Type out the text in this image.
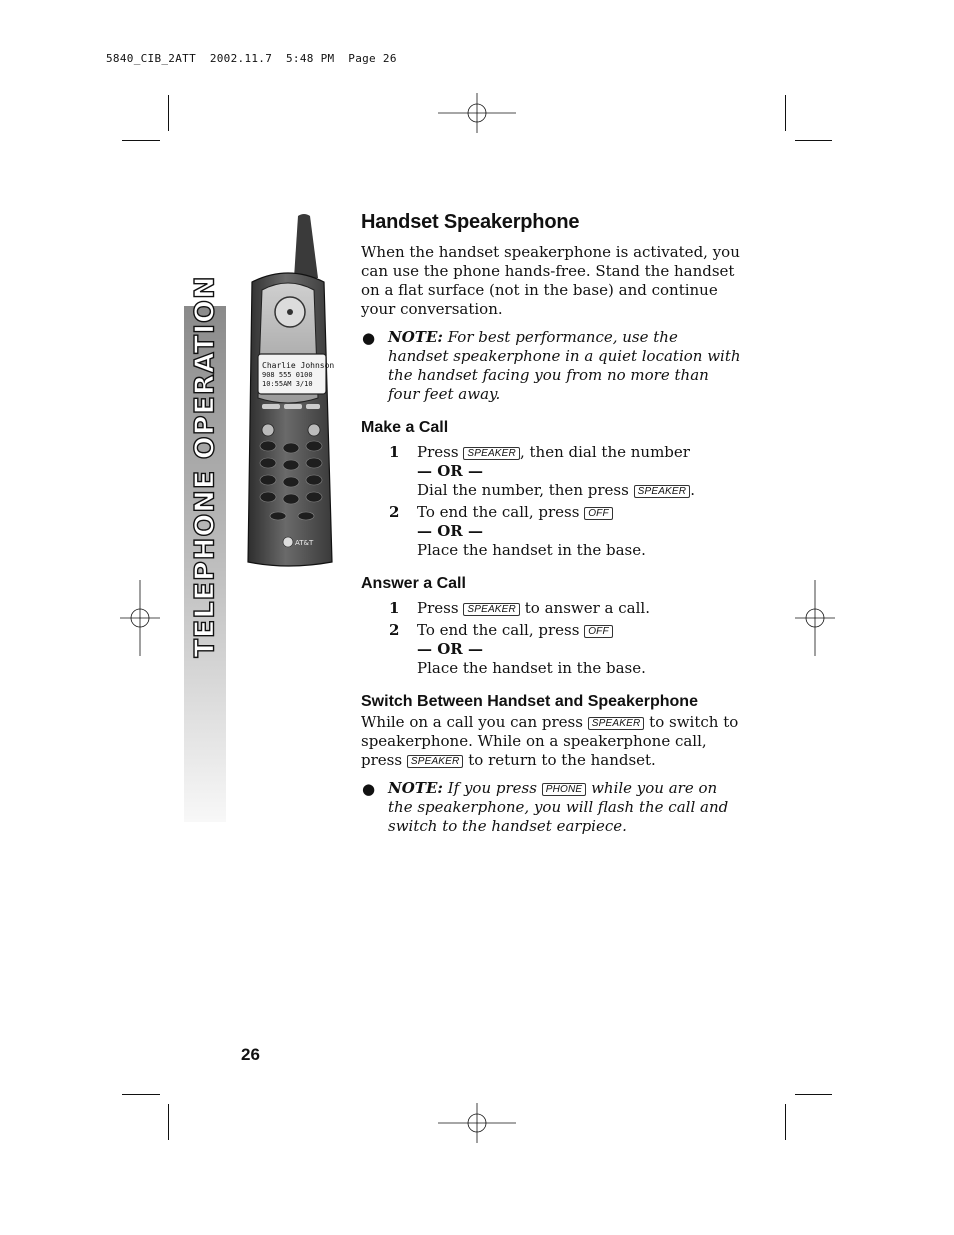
5840_CIB_2ATT  2002.11.7  5:48 PM  Page 26
TELEPHONE OPERATION	Charlie Johnson
908 555 0100
10:55AM 3/10
AT&T
Handset Speakerphone

When the handset speakerphone is activated, you can use the phone hands-free. Stand the handset on a flat surface (not in the base) and continue your conversation.

● NOTE: For best performance, use the handset speakerphone in a quiet location with the handset facing you from no more than four feet away.
Make a Call
1 Press SPEAKER , then dial the number
— OR —
Dial the number, then press SPEAKER .
2 To end the call, press OFF
— OR —
Place the handset in the base.
Answer a Call
1 Press SPEAKER to answer a call.
2 To end the call, press OFF
— OR —
Place the handset in the base.
Switch Between Handset and Speakerphone

While on a call you can press SPEAKER to switch to speakerphone. While on a speakerphone call, press SPEAKER to return to the handset.

● NOTE: If you press PHONE while you are on the speakerphone, you will flash the call and switch to the handset earpiece.
26
